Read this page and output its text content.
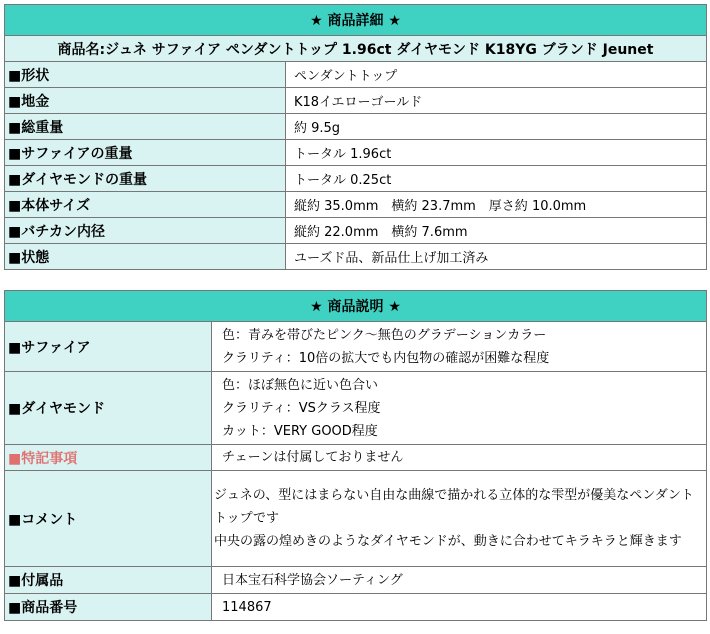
★ 商品詳細 ★	
商品名:ジュネ サファイア ペンダントトップ 1.96ct ダイヤモンド K18YG ブランド Jeunet	
■形状	ペンダントトップ
■地金	K18イエローゴールド
■総重量	約 9.5g
■サファイアの重量	トータル 1.96ct
■ダイヤモンドの重量	トータル 0.25ct
■本体サイズ	縦約 35.0mm　横約 23.7mm　厚さ約 10.0mm
■バチカン内径	縦約 22.0mm　横約 7.6mm
■状態	ユーズド品、新品仕上げ加工済み
★ 商品説明 ★	
■サファイア	色：青みを帯びたピンク～無色のグラデーションカラー
クラリティ：10倍の拡大でも内包物の確認が困難な程度

■ダイヤモンド	色：ほぼ無色に近い色合い
クラリティ：VSクラス程度
カット：VERY GOOD程度

■特記事項	チェーンは付属しておりません
■コメント	ジュネの、型にはまらない自由な曲線で描かれる立体的な雫型が優美なペンダントトップです
中央の露の煌めきのようなダイヤモンドが、動きに合わせてキラキラと輝きます

■付属品	日本宝石科学協会ソーティング
■商品番号	114867
